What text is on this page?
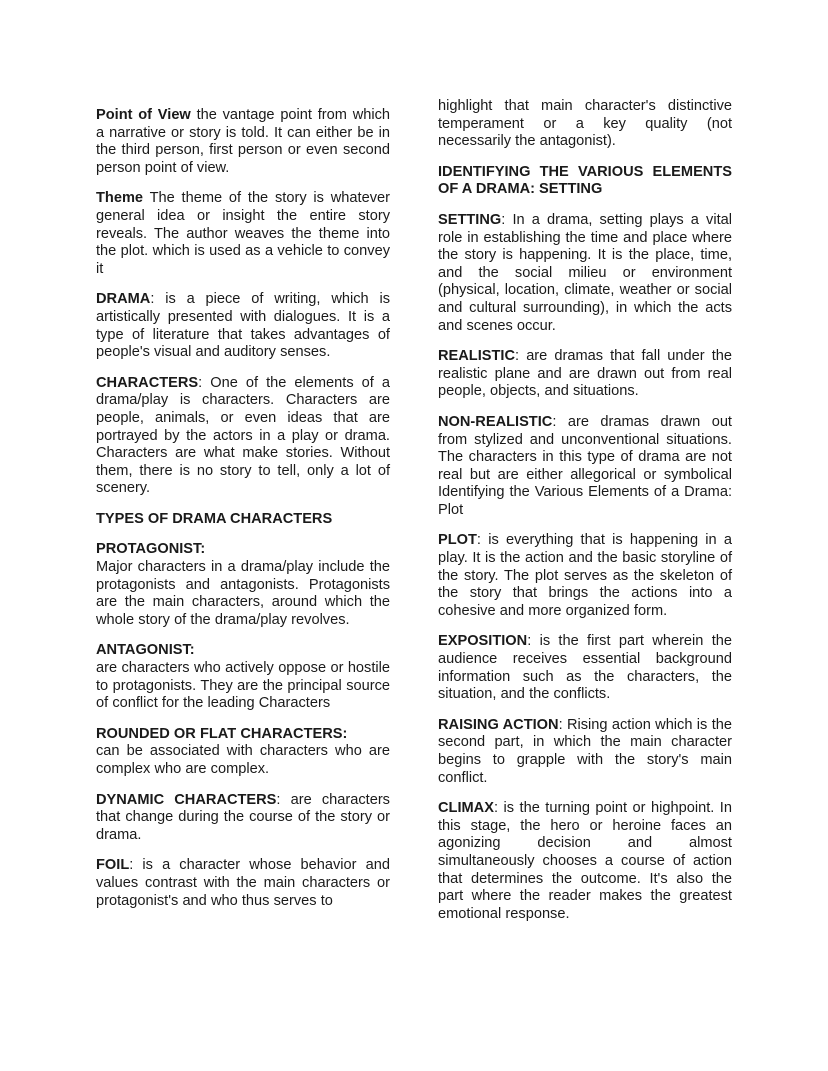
Point of View the vantage point from which a narrative or story is told. It can either be in the third person, first person or even second person point of view.

Theme The theme of the story is whatever general idea or insight the entire story reveals. The author weaves the theme into the plot. which is used as a vehicle to convey it

DRAMA: is a piece of writing, which is artistically presented with dialogues. It is a type of literature that takes advantages of people's visual and auditory senses.

CHARACTERS: One of the elements of a drama/play is characters. Characters are people, animals, or even ideas that are portrayed by the actors in a play or drama. Characters are what make stories. Without them, there is no story to tell, only a lot of scenery.

TYPES OF DRAMA CHARACTERS

PROTAGONIST:
Major characters in a drama/play include the protagonists and antagonists. Protagonists are the main characters, around which the whole story of the drama/play revolves.

ANTAGONIST:
are characters who actively oppose or hostile to protagonists. They are the principal source of conflict for the leading Characters

ROUNDED OR FLAT CHARACTERS:
can be associated with characters who are complex who are complex.

DYNAMIC CHARACTERS: are characters that change during the course of the story or drama.

FOIL: is a character whose behavior and values contrast with the main characters or protagonist's and who thus serves to

highlight that main character's distinctive temperament or a key quality (not necessarily the antagonist).

IDENTIFYING THE VARIOUS ELEMENTS OF A DRAMA: SETTING

SETTING: In a drama, setting plays a vital role in establishing the time and place where the story is happening. It is the place, time, and the social milieu or environment (physical, location, climate, weather or social and cultural surrounding), in which the acts and scenes occur.

REALISTIC: are dramas that fall under the realistic plane and are drawn out from real people, objects, and situations.

NON-REALISTIC: are dramas drawn out from stylized and unconventional situations. The characters in this type of drama are not real but are either allegorical or symbolical Identifying the Various Elements of a Drama: Plot

PLOT: is everything that is happening in a play. It is the action and the basic storyline of the story. The plot serves as the skeleton of the story that brings the actions into a cohesive and more organized form.

EXPOSITION: is the first part wherein the audience receives essential background information such as the characters, the situation, and the conflicts.

RAISING ACTION: Rising action which is the second part, in which the main character begins to grapple with the story's main conflict.

CLIMAX: is the turning point or highpoint. In this stage, the hero or heroine faces an agonizing decision and almost simultaneously chooses a course of action that determines the outcome. It's also the part where the reader makes the greatest emotional response.
